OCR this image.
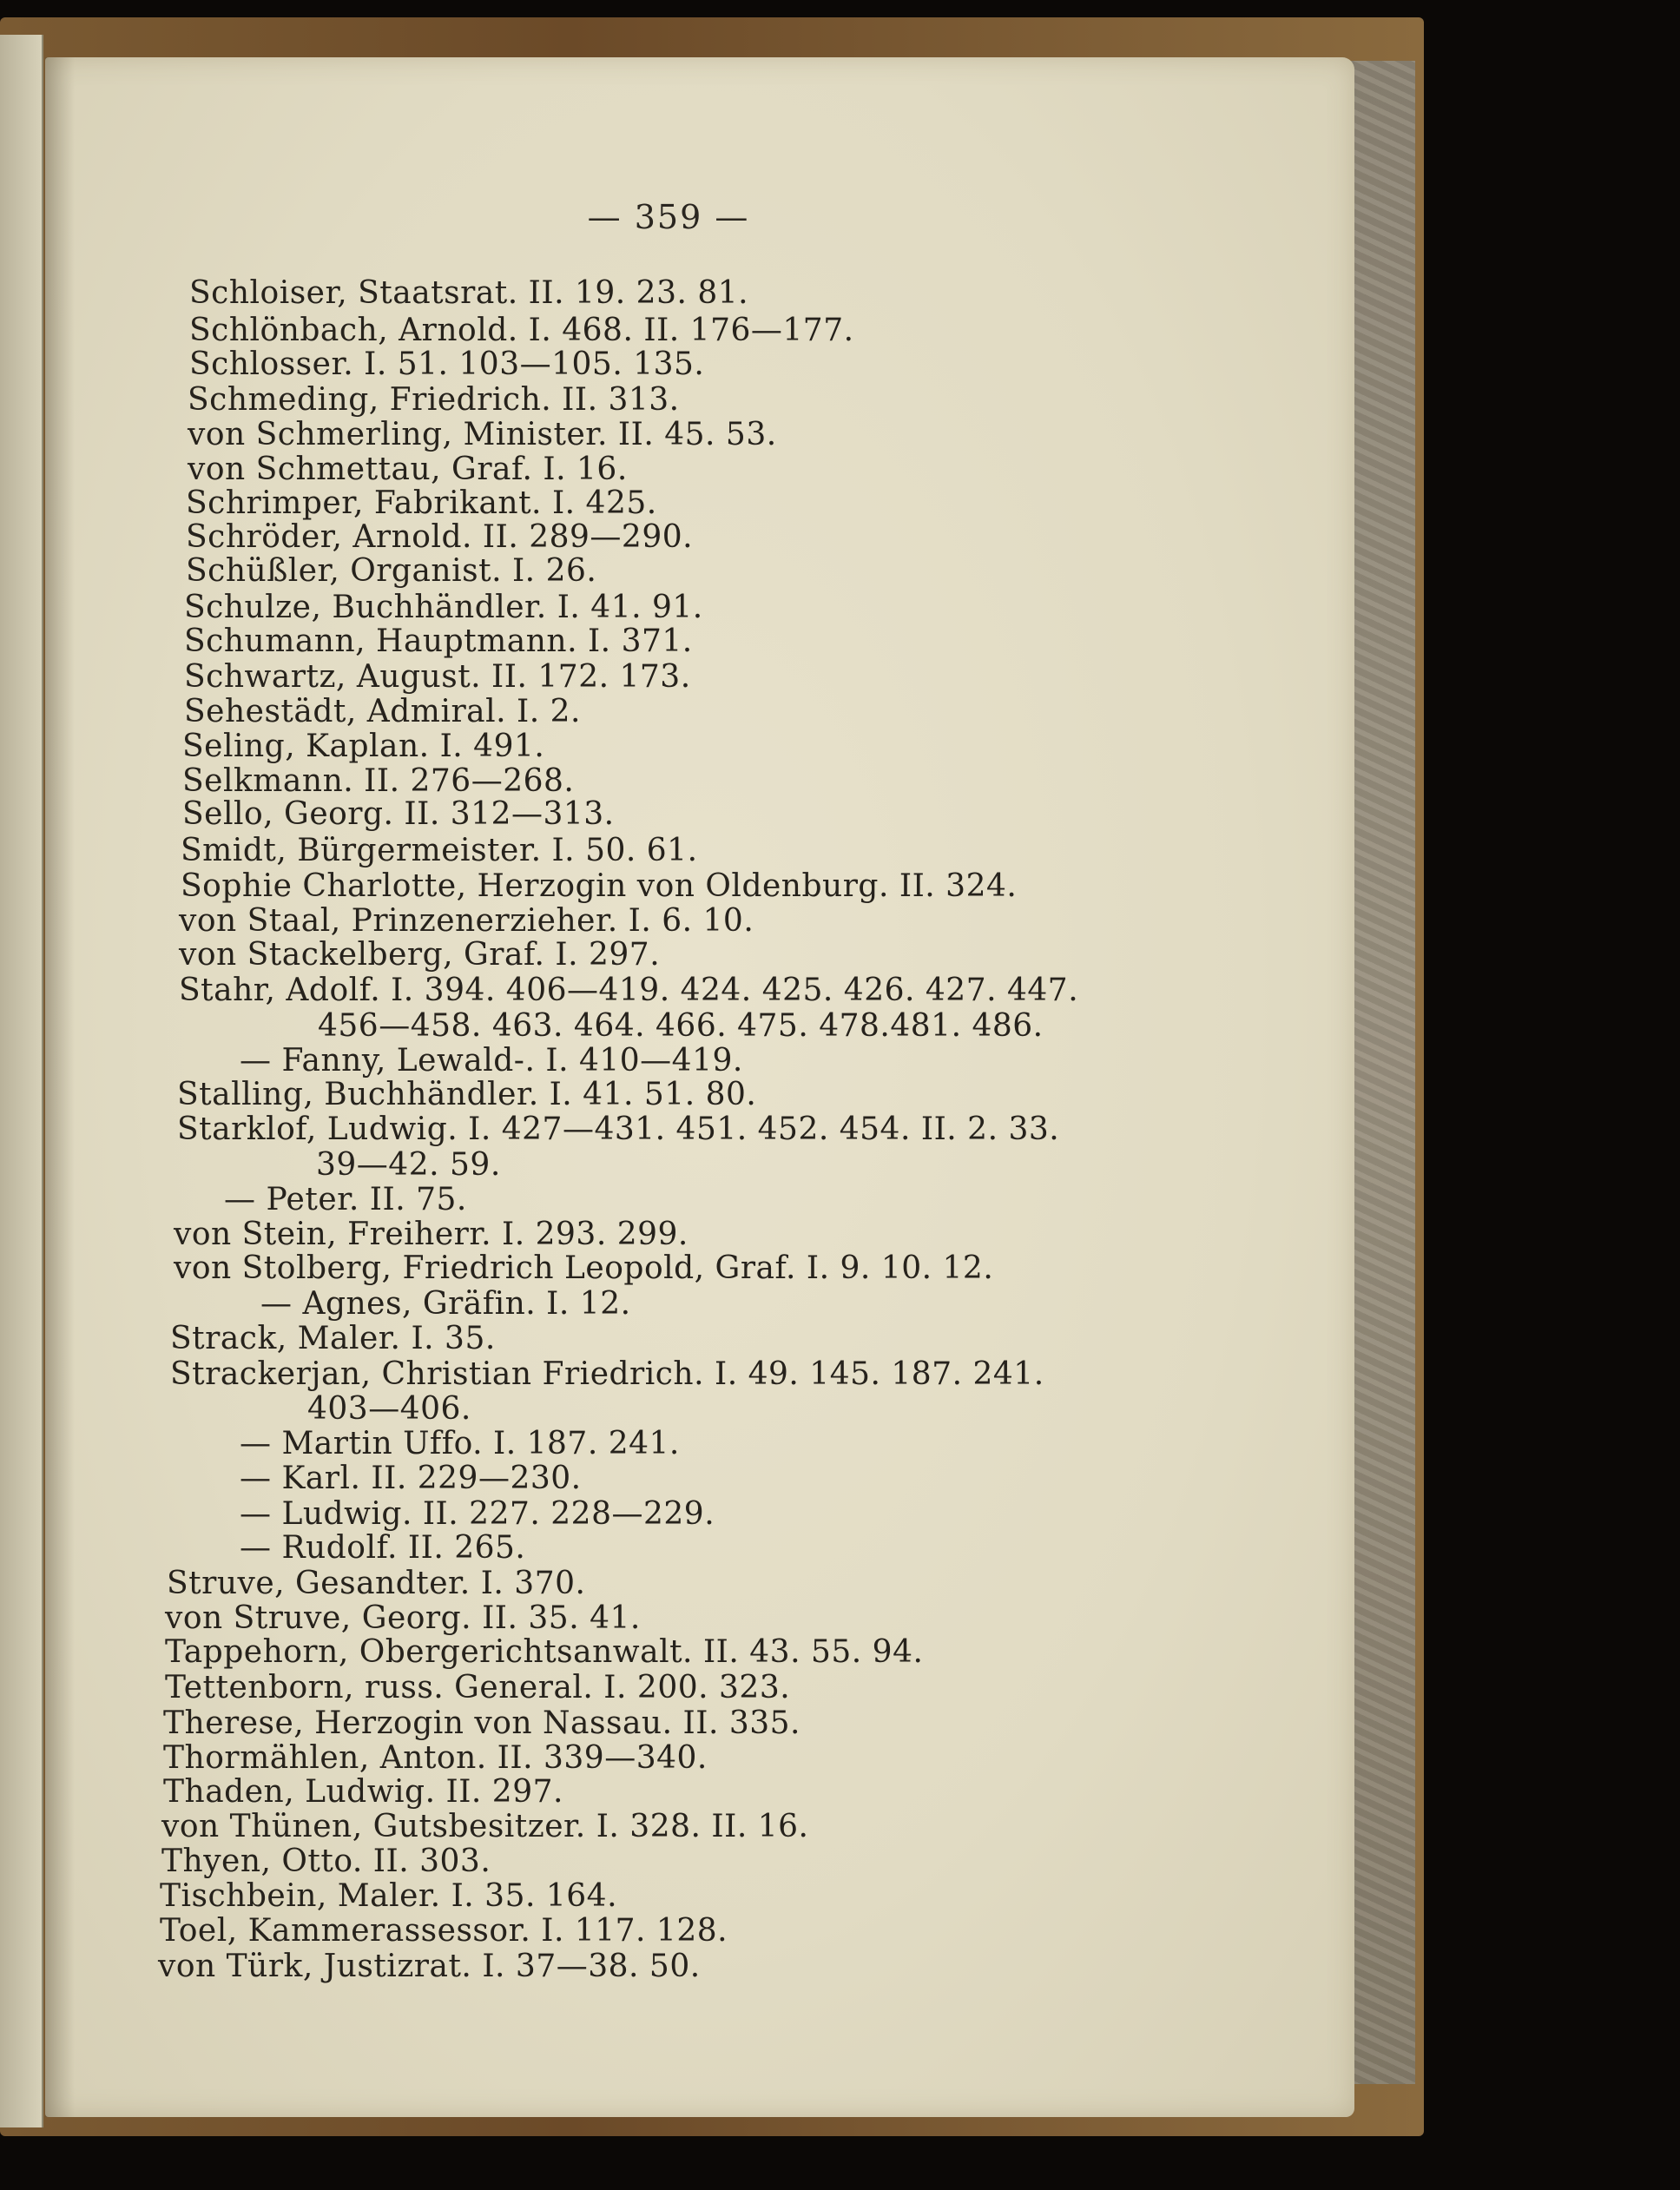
— 359 —
Schloiser, Staatsrat. II. 19. 23. 81.
Schlönbach, Arnold. I. 468. II. 176—177.
Schlosser. I. 51. 103—105. 135.
Schmeding, Friedrich. II. 313.
von Schmerling, Minister. II. 45. 53.
von Schmettau, Graf. I. 16.
Schrimper, Fabrikant. I. 425.
Schröder, Arnold. II. 289—290.
Schüßler, Organist. I. 26.
Schulze, Buchhändler. I. 41. 91.
Schumann, Hauptmann. I. 371.
Schwartz, August. II. 172. 173.
Sehestädt, Admiral. I. 2.
Seling, Kaplan. I. 491.
Selkmann. II. 276—268.
Sello, Georg. II. 312—313.
Smidt, Bürgermeister. I. 50. 61.
Sophie Charlotte, Herzogin von Oldenburg. II. 324.
von Staal, Prinzenerzieher. I. 6. 10.
von Stackelberg, Graf. I. 297.
Stahr, Adolf. I. 394. 406—419. 424. 425. 426. 427. 447.
456—458. 463. 464. 466. 475. 478.481. 486.
— Fanny, Lewald-. I. 410—419.
Stalling, Buchhändler. I. 41. 51. 80.
Starklof, Ludwig. I. 427—431. 451. 452. 454. II. 2. 33.
39—42. 59.
— Peter. II. 75.
von Stein, Freiherr. I. 293. 299.
von Stolberg, Friedrich Leopold, Graf. I. 9. 10. 12.
— Agnes, Gräfin. I. 12.
Strack, Maler. I. 35.
Strackerjan, Christian Friedrich. I. 49. 145. 187. 241.
403—406.
— Martin Uffo. I. 187. 241.
— Karl. II. 229—230.
— Ludwig. II. 227. 228—229.
— Rudolf. II. 265.
Struve, Gesandter. I. 370.
von Struve, Georg. II. 35. 41.
Tappehorn, Obergerichtsanwalt. II. 43. 55. 94.
Tettenborn, russ. General. I. 200. 323.
Therese, Herzogin von Nassau. II. 335.
Thormählen, Anton. II. 339—340.
Thaden, Ludwig. II. 297.
von Thünen, Gutsbesitzer. I. 328. II. 16.
Thyen, Otto. II. 303.
Tischbein, Maler. I. 35. 164.
Toel, Kammerassessor. I. 117. 128.
von Türk, Justizrat. I. 37—38. 50.
